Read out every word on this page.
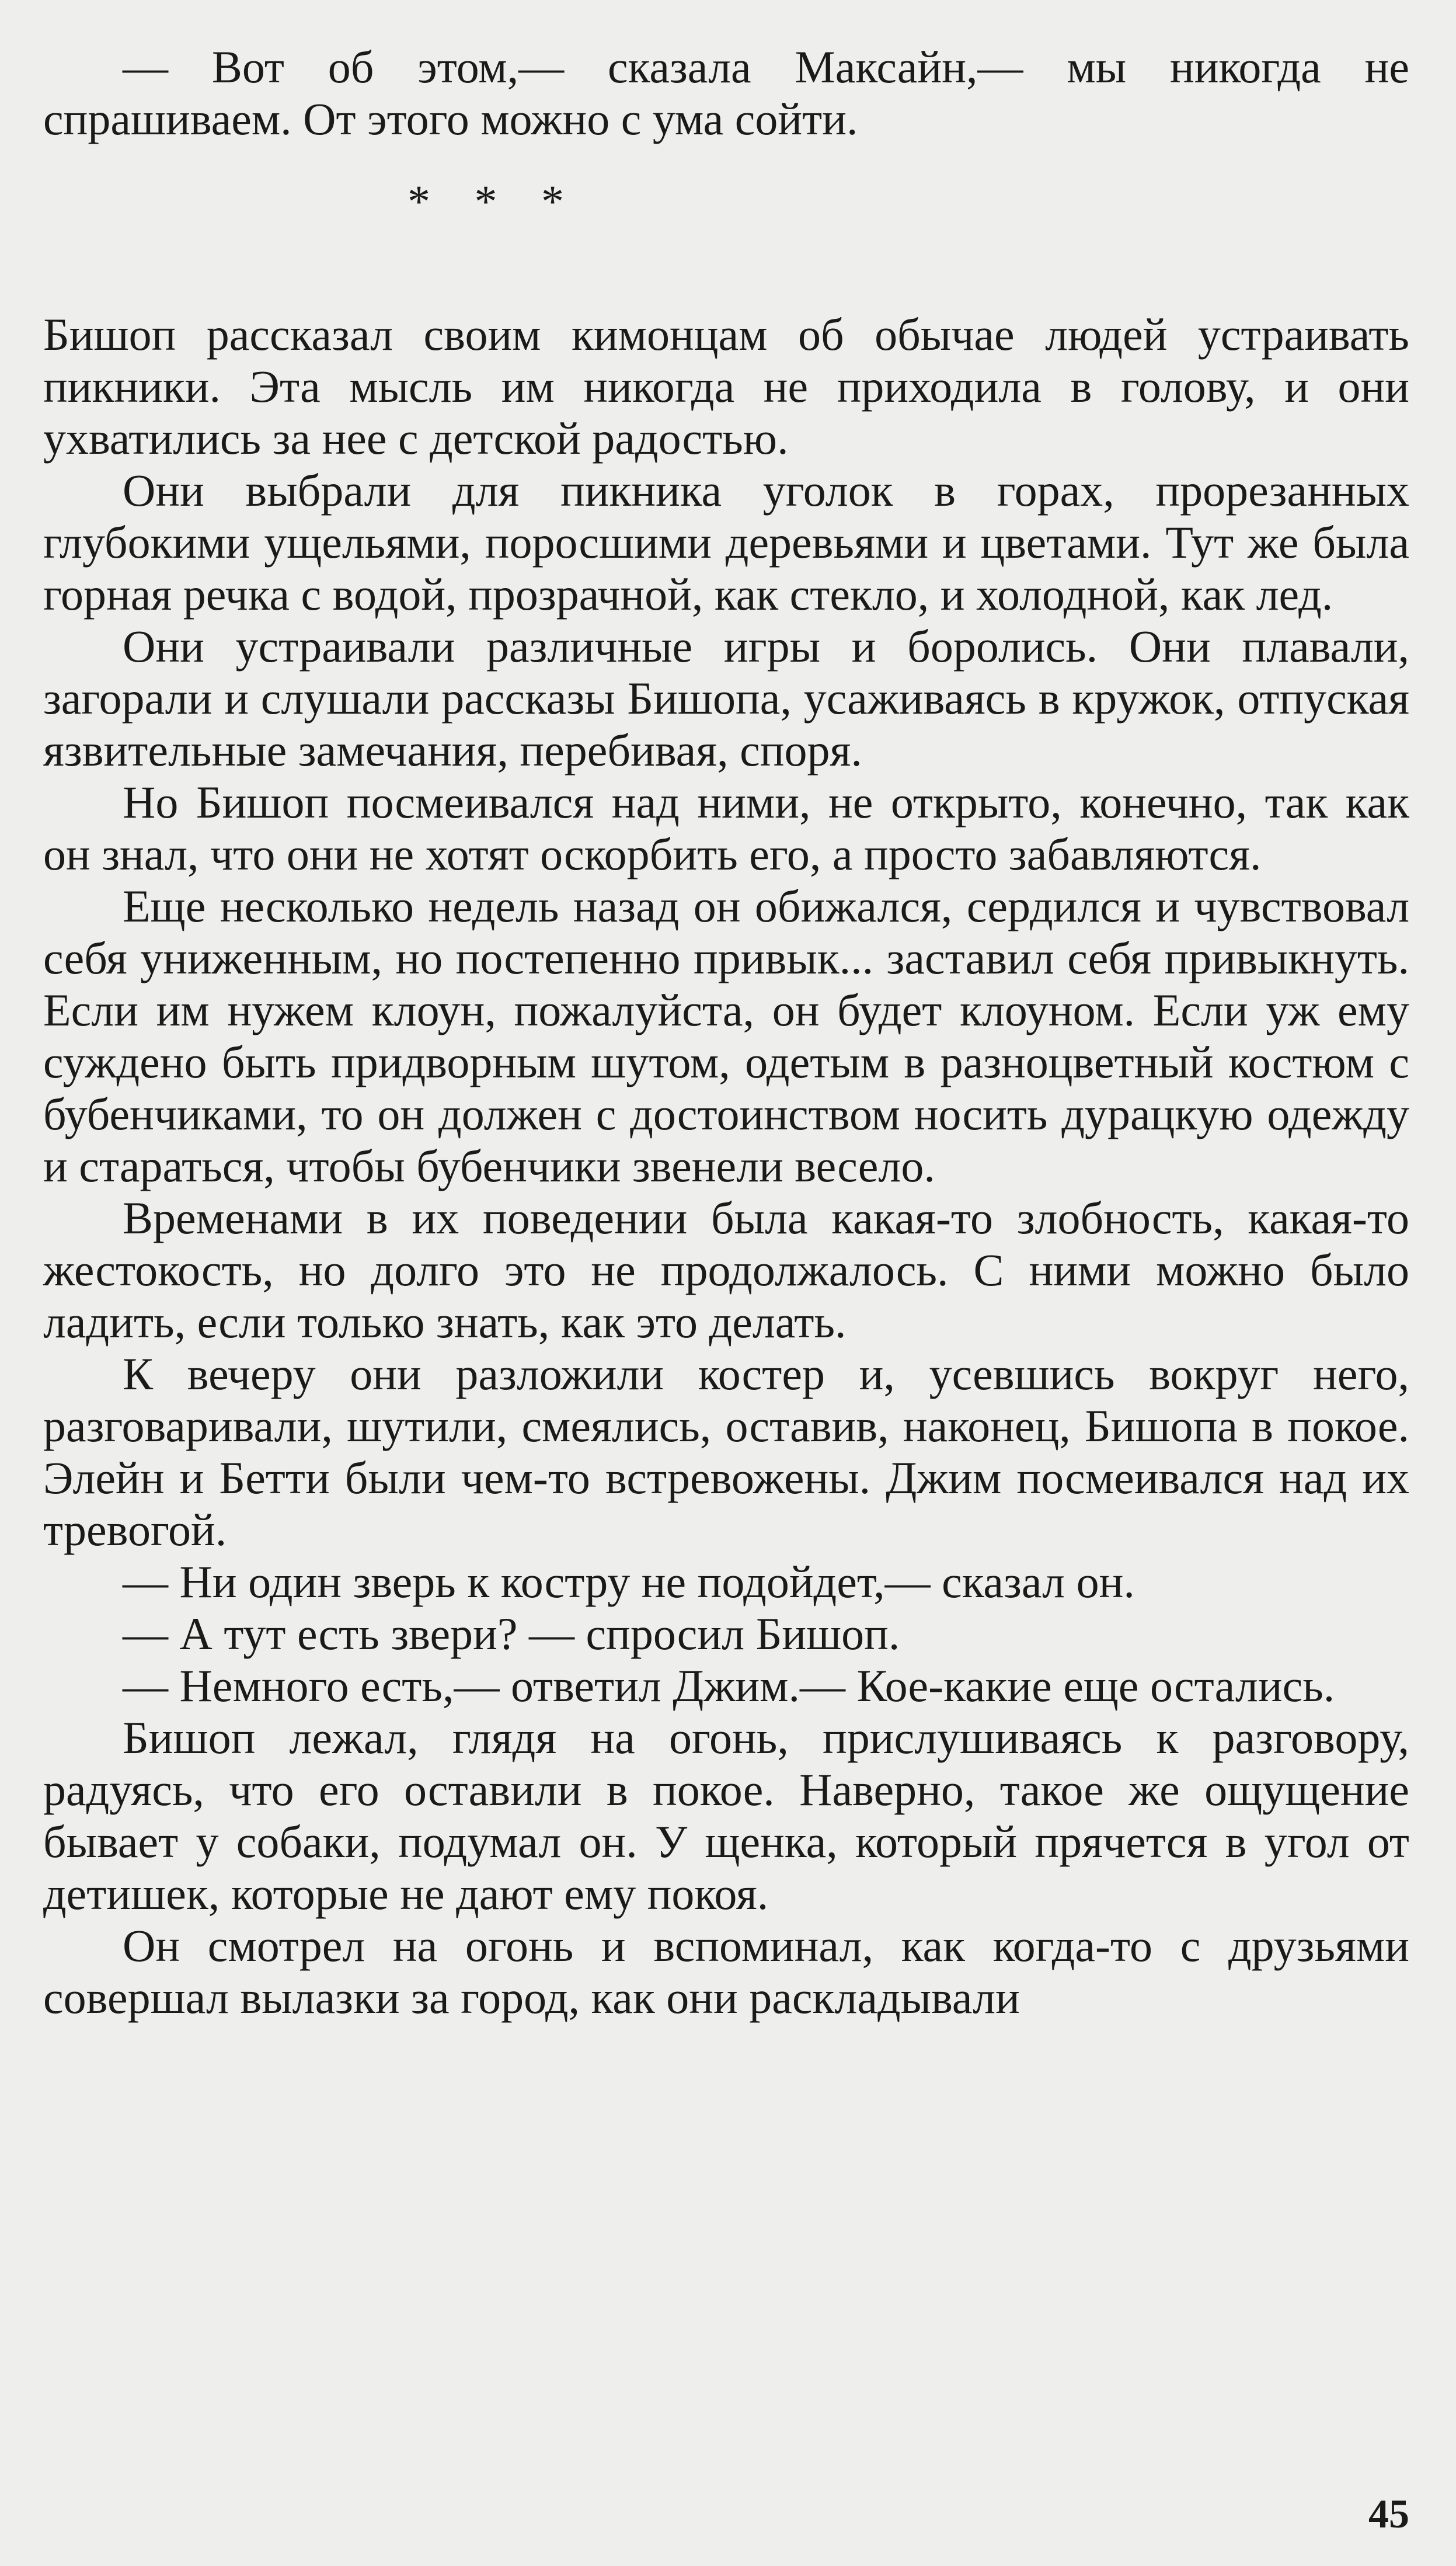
— Вот об этом,— сказала Максайн,— мы никогда не спрашиваем. От этого можно с ума сойти.

* * *

Бишоп рассказал своим кимонцам об обычае людей устраивать пикники. Эта мысль им никогда не приходила в голову, и они ухватились за нее с детской радостью.

Они выбрали для пикника уголок в горах, прорезанных глубокими ущельями, поросшими деревьями и цветами. Тут же была горная речка с водой, прозрачной, как стекло, и холодной, как лед.

Они устраивали различные игры и боролись. Они плавали, загорали и слушали рассказы Бишопа, усаживаясь в кружок, отпуская язвительные замечания, перебивая, споря.

Но Бишоп посмеивался над ними, не открыто, конечно, так как он знал, что они не хотят оскорбить его, а просто забавляются.

Еще несколько недель назад он обижался, сердился и чувствовал себя униженным, но постепенно привык... заставил себя привыкнуть. Если им нужем клоун, пожалуйста, он будет клоуном. Если уж ему суждено быть придворным шутом, одетым в разноцветный костюм с бубенчиками, то он должен с достоинством носить дурацкую одежду и стараться, чтобы бубенчики звенели весело.

Временами в их поведении была какая-то злобность, какая-то жестокость, но долго это не продолжалось. С ними можно было ладить, если только знать, как это делать.

К вечеру они разложили костер и, усевшись вокруг него, разговаривали, шутили, смеялись, оставив, наконец, Бишопа в покое. Элейн и Бетти были чем-то встревожены. Джим посмеивался над их тревогой.

— Ни один зверь к костру не подойдет,— сказал он.

— А тут есть звери? — спросил Бишоп.

— Немного есть,— ответил Джим.— Кое-какие еще остались.

Бишоп лежал, глядя на огонь, прислушиваясь к разговору, радуясь, что его оставили в покое. Наверно, такое же ощущение бывает у собаки, подумал он. У щенка, который прячется в угол от детишек, которые не дают ему покоя.

Он смотрел на огонь и вспоминал, как когда-то с друзьями совершал вылазки за город, как они раскладывали

45
